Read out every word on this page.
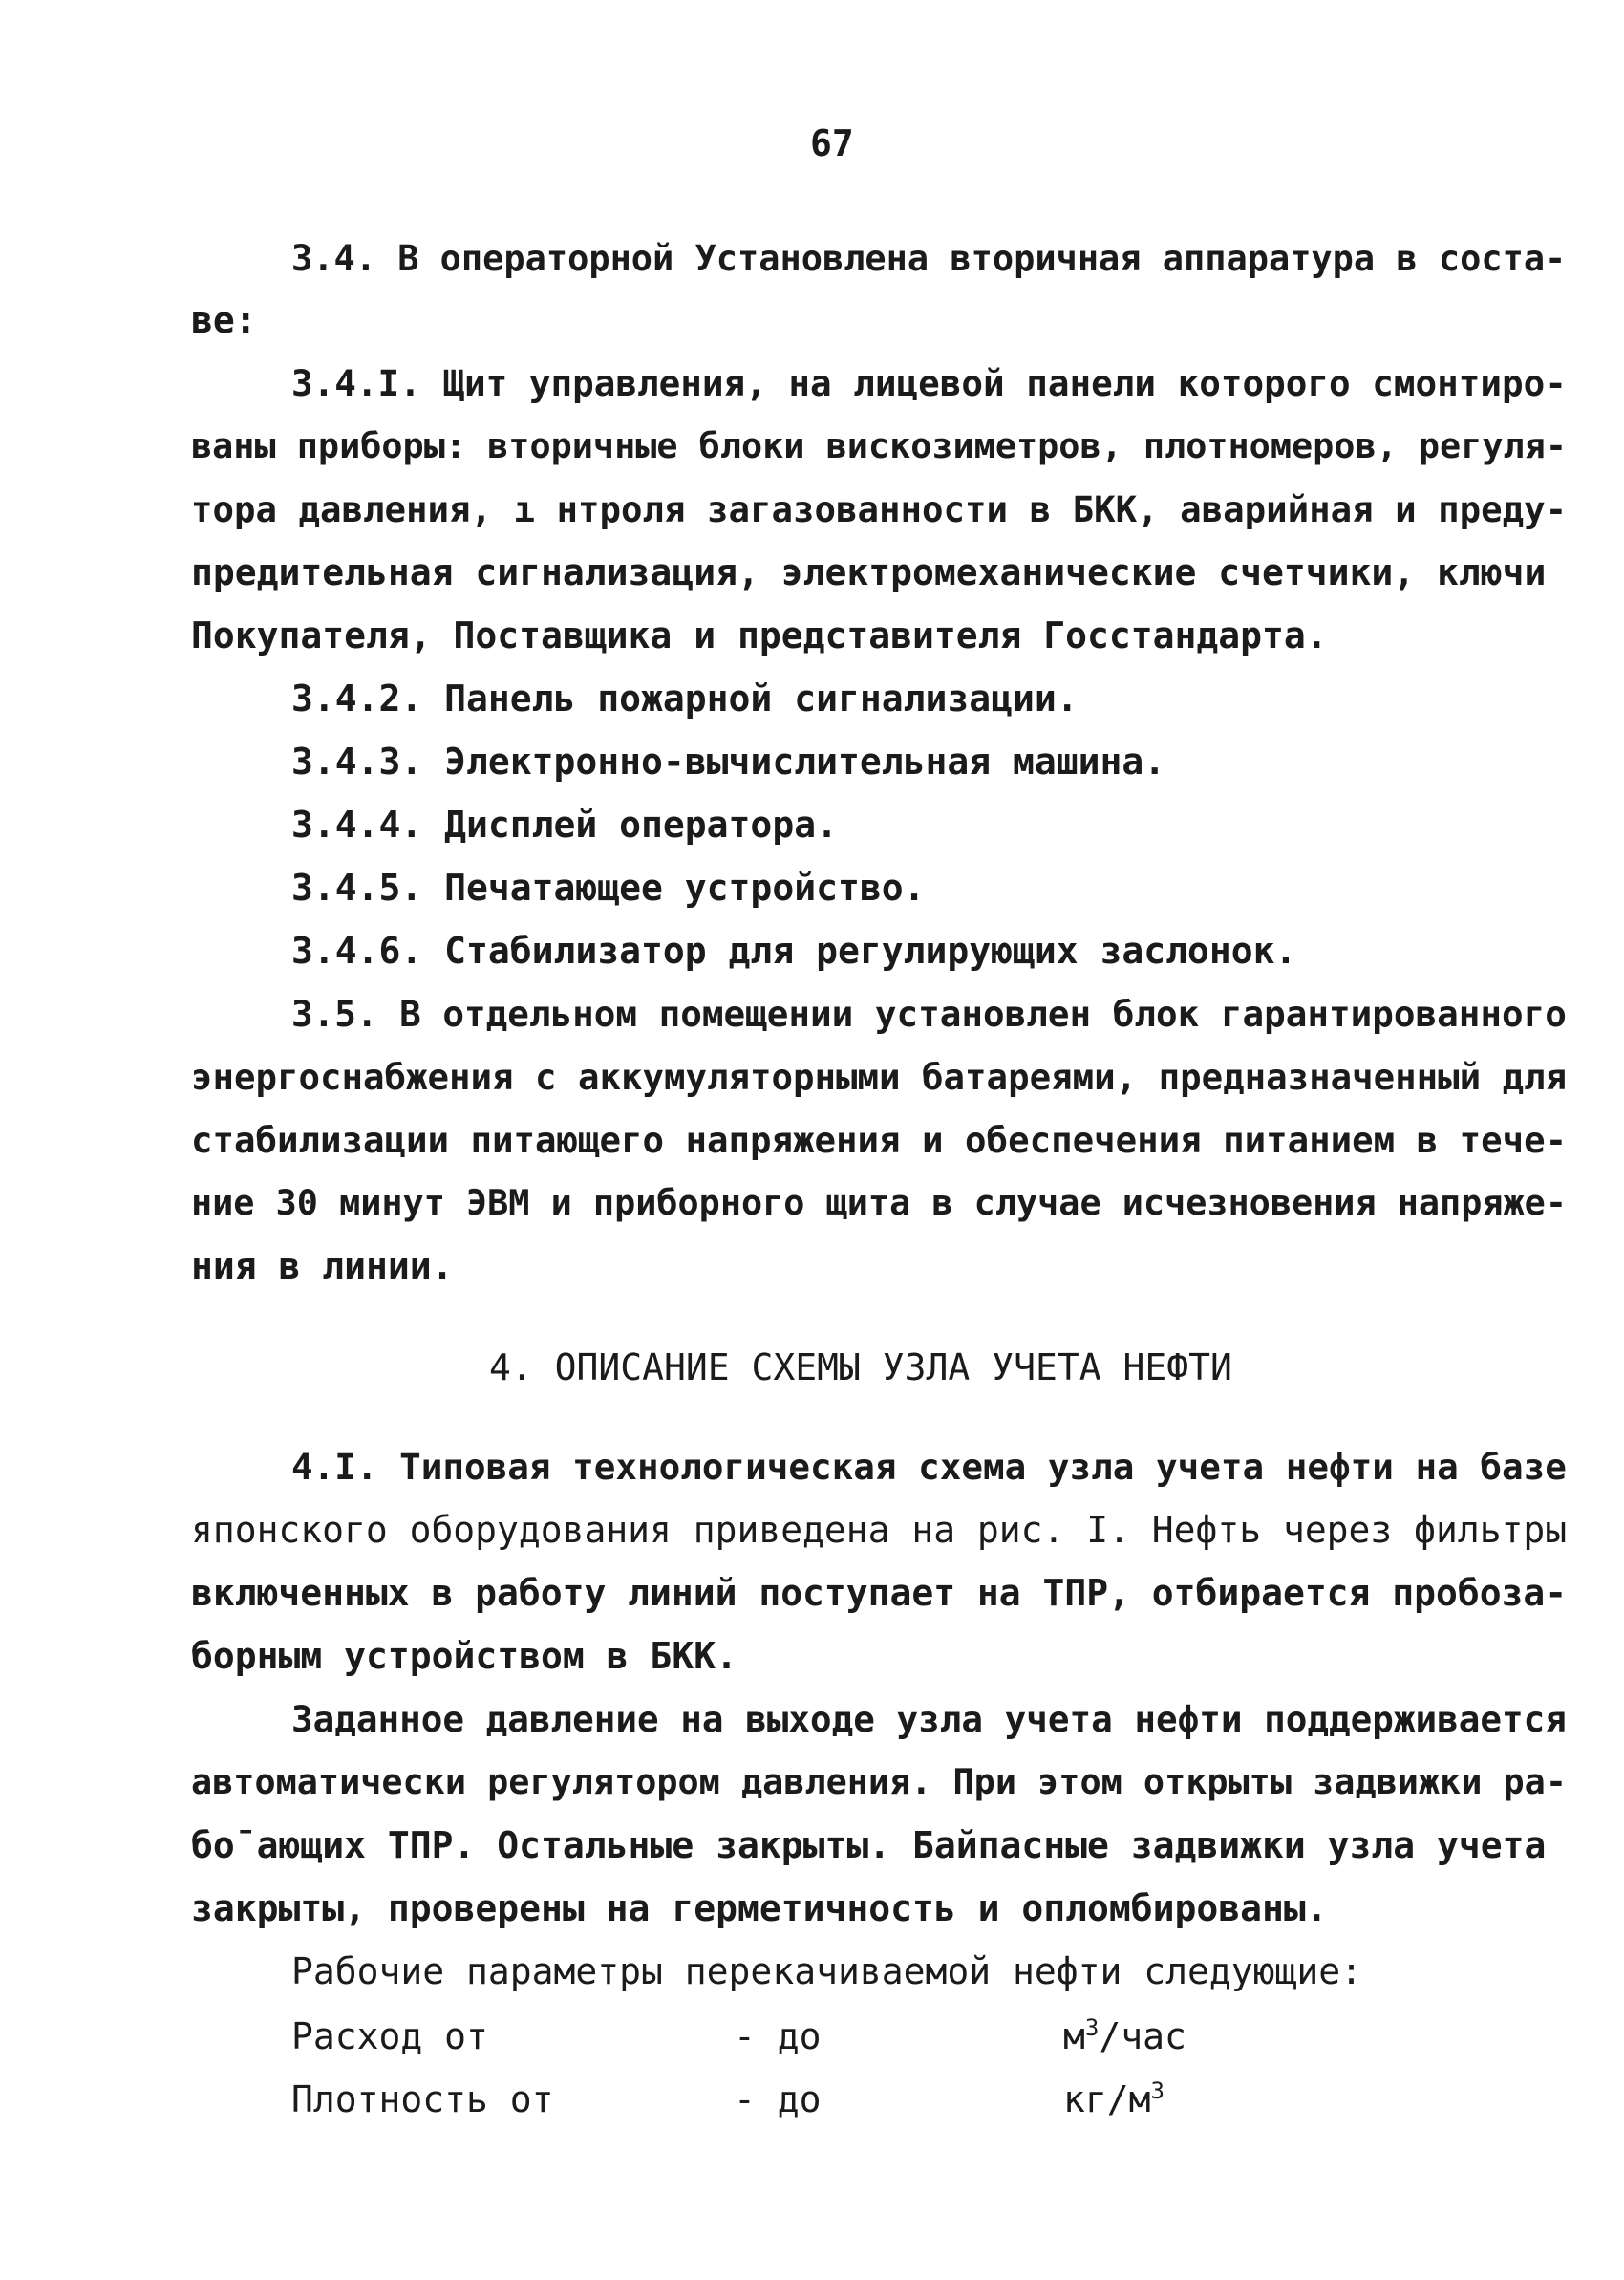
67
3.4. В операторной Установлена вторичная аппаратура в соста-
ве:
3.4.I. Щит управления, на лицевой панели которого смонтиро-
ваны приборы: вторичные блоки вискозиметров, плотномеров, регуля-
тора давления, ı нтроля загазованности в БКК, аварийная и преду-
предительная сигнализация, электромеханические счетчики, ключи
Покупателя, Поставщика и представителя Госстандарта.
3.4.2. Панель пожарной сигнализации.
3.4.3. Электронно-вычислительная машина.
3.4.4. Дисплей оператора.
3.4.5. Печатающее устройство.
3.4.6. Стабилизатор для регулирующих заслонок.
3.5. В отдельном помещении установлен блок гарантированного
энергоснабжения с аккумуляторными батареями, предназначенный для
стабилизации питающего напряжения и обеспечения питанием в тече-
ние 30 минут ЭВМ и приборного щита в случае исчезновения напряже-
ния в линии.
4. ОПИСАНИЕ СХЕМЫ УЗЛА УЧЕТА НЕФТИ
4.I. Типовая технологическая схема узла учета нефти на базе
японского оборудования приведена на рис. I. Нефть через фильтры
включенных в работу линий поступает на ТПР, отбирается пробоза-
борным устройством в БКК.
Заданное давление на выходе узла учета нефти поддерживается
автоматически регулятором давления. При этом открыты задвижки ра-
бо¯ающих ТПР. Остальные закрыты. Байпасные задвижки узла учета
закрыты, проверены на герметичность и опломбированы.
Рабочие параметры перекачиваемой нефти следующие:
Расход от	- до	$м^3$/час
Плотность от	- до	$кг/м^3$
